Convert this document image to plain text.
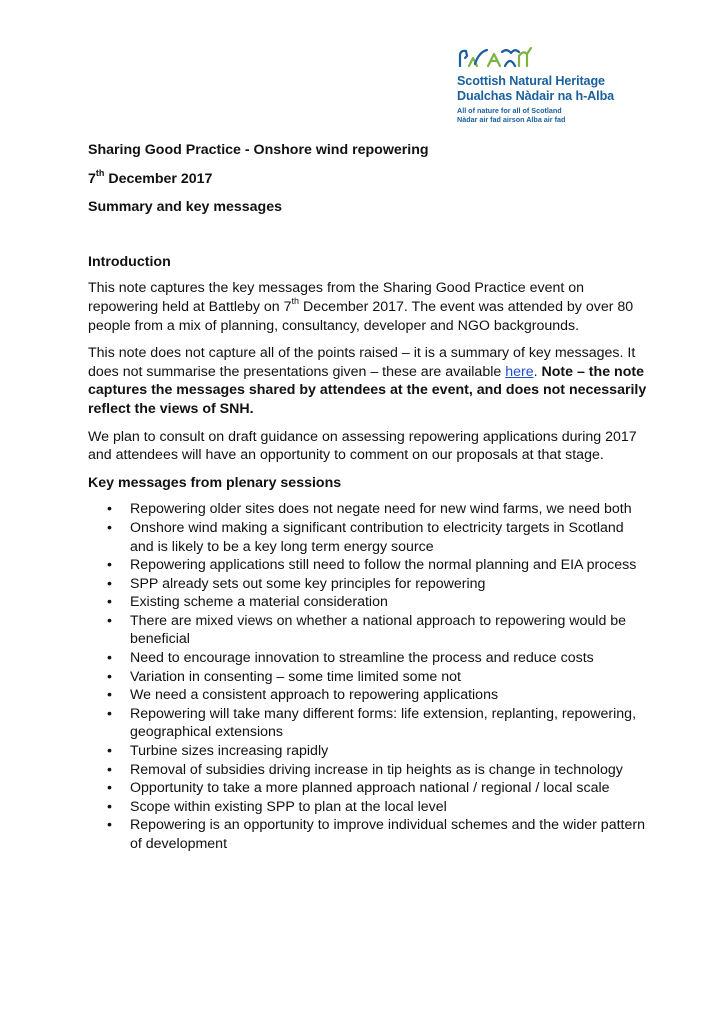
Scottish Natural Heritage
Dualchas Nàdair na h-Alba
All of nature for all of Scotland
Nàdar air fad airson Alba air fad

Sharing Good Practice - Onshore wind repowering

7th December 2017

Summary and key messages

Introduction

This note captures the key messages from the Sharing Good Practice event on repowering held at Battleby on 7th December 2017. The event was attended by over 80 people from a mix of planning, consultancy, developer and NGO backgrounds.

This note does not capture all of the points raised – it is a summary of key messages. It does not summarise the presentations given – these are available here. Note – the note captures the messages shared by attendees at the event, and does not necessarily reflect the views of SNH.

We plan to consult on draft guidance on assessing repowering applications during 2017 and attendees will have an opportunity to comment on our proposals at that stage.

Key messages from plenary sessions

• Repowering older sites does not negate need for new wind farms, we need both
• Onshore wind making a significant contribution to electricity targets in Scotland and is likely to be a key long term energy source
• Repowering applications still need to follow the normal planning and EIA process
• SPP already sets out some key principles for repowering
• Existing scheme a material consideration
• There are mixed views on whether a national approach to repowering would be beneficial
• Need to encourage innovation to streamline the process and reduce costs
• Variation in consenting – some time limited some not
• We need a consistent approach to repowering applications
• Repowering will take many different forms: life extension, replanting, repowering, geographical extensions
• Turbine sizes increasing rapidly
• Removal of subsidies driving increase in tip heights as is change in technology
• Opportunity to take a more planned approach national / regional / local scale
• Scope within existing SPP to plan at the local level
• Repowering is an opportunity to improve individual schemes and the wider pattern of development
